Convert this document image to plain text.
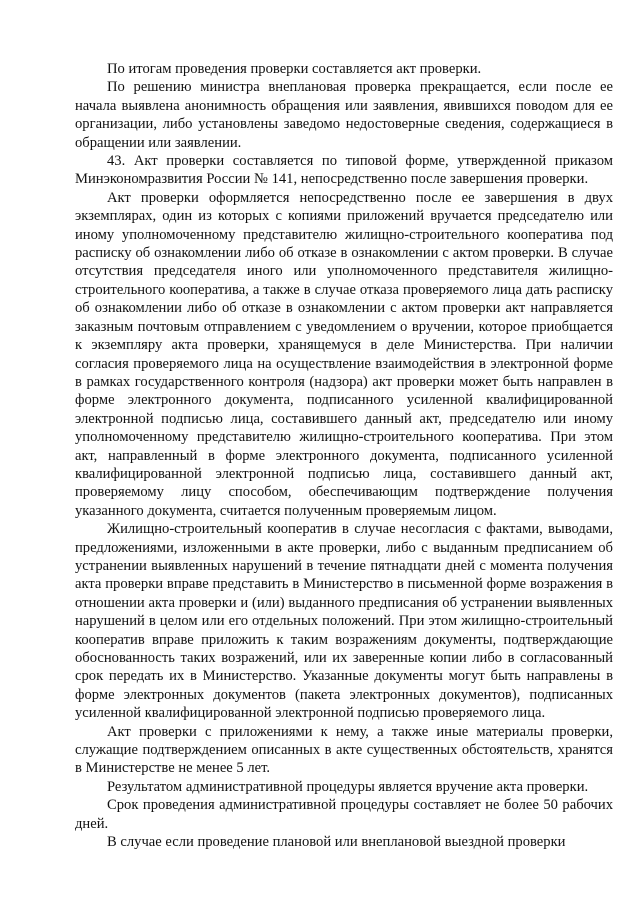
По итогам проведения проверки составляется акт проверки.

По решению министра внеплановая проверка прекращается, если после ее начала выявлена анонимность обращения или заявления, явившихся поводом для ее организации, либо установлены заведомо недостоверные сведения, содержащиеся в обращении или заявлении.

43. Акт проверки составляется по типовой форме, утвержденной приказом Минэкономразвития России № 141, непосредственно после завершения проверки.

Акт проверки оформляется непосредственно после ее завершения в двух экземплярах, один из которых с копиями приложений вручается председателю или иному уполномоченному представителю жилищно-строительного кооператива под расписку об ознакомлении либо об отказе в ознакомлении с актом проверки. В случае отсутствия председателя иного или уполномоченного представителя жилищно-строительного кооператива, а также в случае отказа проверяемого лица дать расписку об ознакомлении либо об отказе в ознакомлении с актом проверки акт направляется заказным почтовым отправлением с уведомлением о вручении, которое приобщается к экземпляру акта проверки, хранящемуся в деле Министерства. При наличии согласия проверяемого лица на осуществление взаимодействия в электронной форме в рамках государственного контроля (надзора) акт проверки может быть направлен в форме электронного документа, подписанного усиленной квалифицированной электронной подписью лица, составившего данный акт, председателю или иному уполномоченному представителю жилищно-строительного кооператива. При этом акт, направленный в форме электронного документа, подписанного усиленной квалифицированной электронной подписью лица, составившего данный акт, проверяемому лицу способом, обеспечивающим подтверждение получения указанного документа, считается полученным проверяемым лицом.

Жилищно-строительный кооператив в случае несогласия с фактами, выводами, предложениями, изложенными в акте проверки, либо с выданным предписанием об устранении выявленных нарушений в течение пятнадцати дней с момента получения акта проверки вправе представить в Министерство в письменной форме возражения в отношении акта проверки и (или) выданного предписания об устранении выявленных нарушений в целом или его отдельных положений. При этом жилищно-строительный кооператив вправе приложить к таким возражениям документы, подтверждающие обоснованность таких возражений, или их заверенные копии либо в согласованный срок передать их в Министерство. Указанные документы могут быть направлены в форме электронных документов (пакета электронных документов), подписанных усиленной квалифицированной электронной подписью проверяемого лица.

Акт проверки с приложениями к нему, а также иные материалы проверки, служащие подтверждением описанных в акте существенных обстоятельств, хранятся в Министерстве не менее 5 лет.

Результатом административной процедуры является вручение акта проверки.

Срок проведения административной процедуры составляет не более 50 рабочих дней.

В случае если проведение плановой или внеплановой выездной проверки
